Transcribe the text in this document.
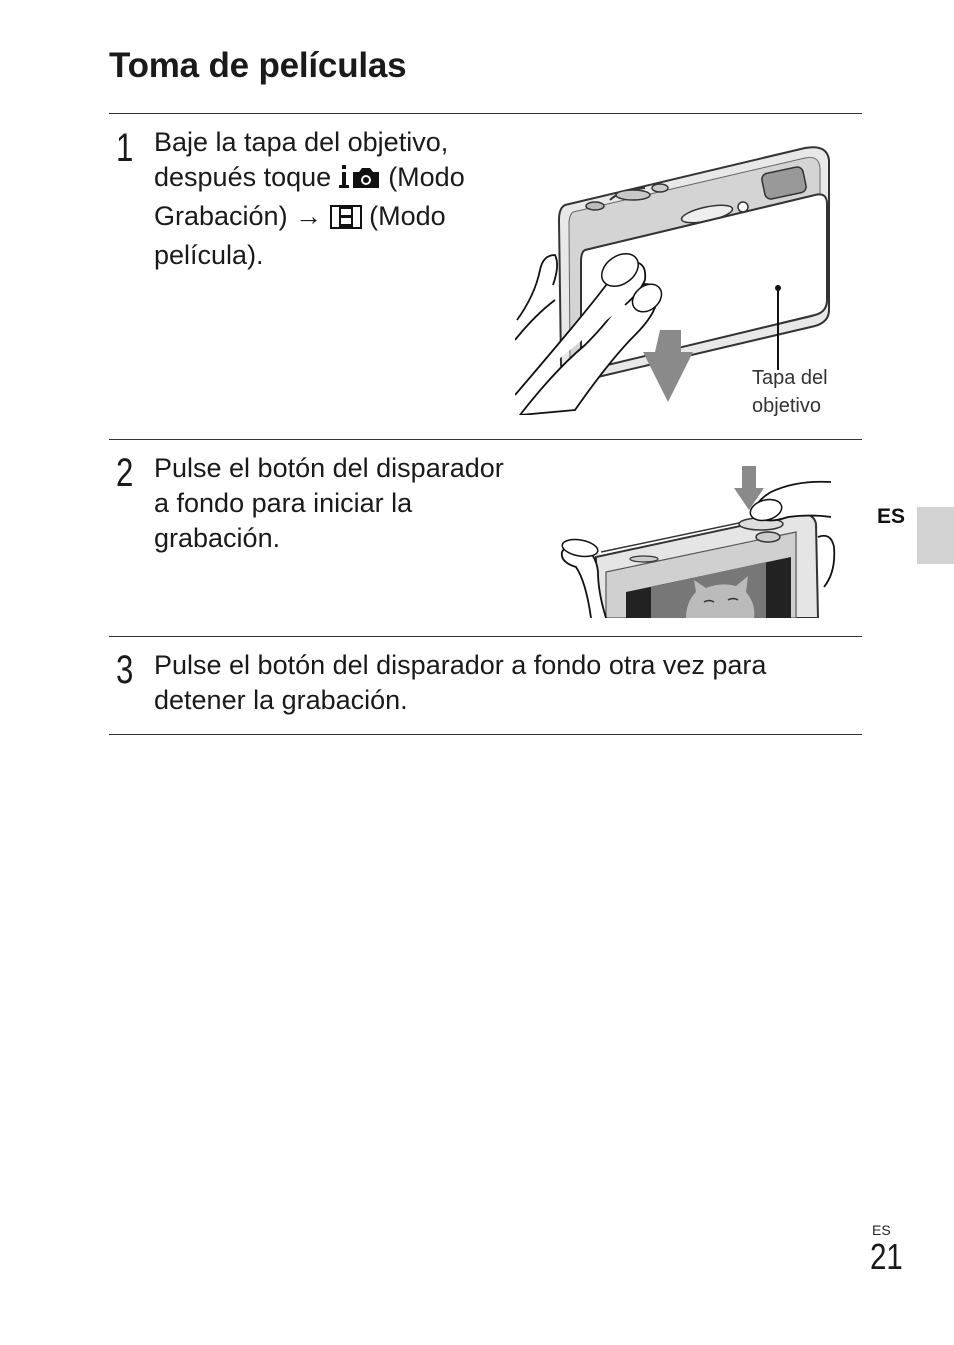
Toma de películas
1 Baje la tapa del objetivo, después toque (Modo Grabación) → (Modo película).
Tapa del
objetivo
2 Pulse el botón del disparador a fondo para iniciar la grabación.
3 Pulse el botón del disparador a fondo otra vez para detener la grabación.
ES
ES
21
